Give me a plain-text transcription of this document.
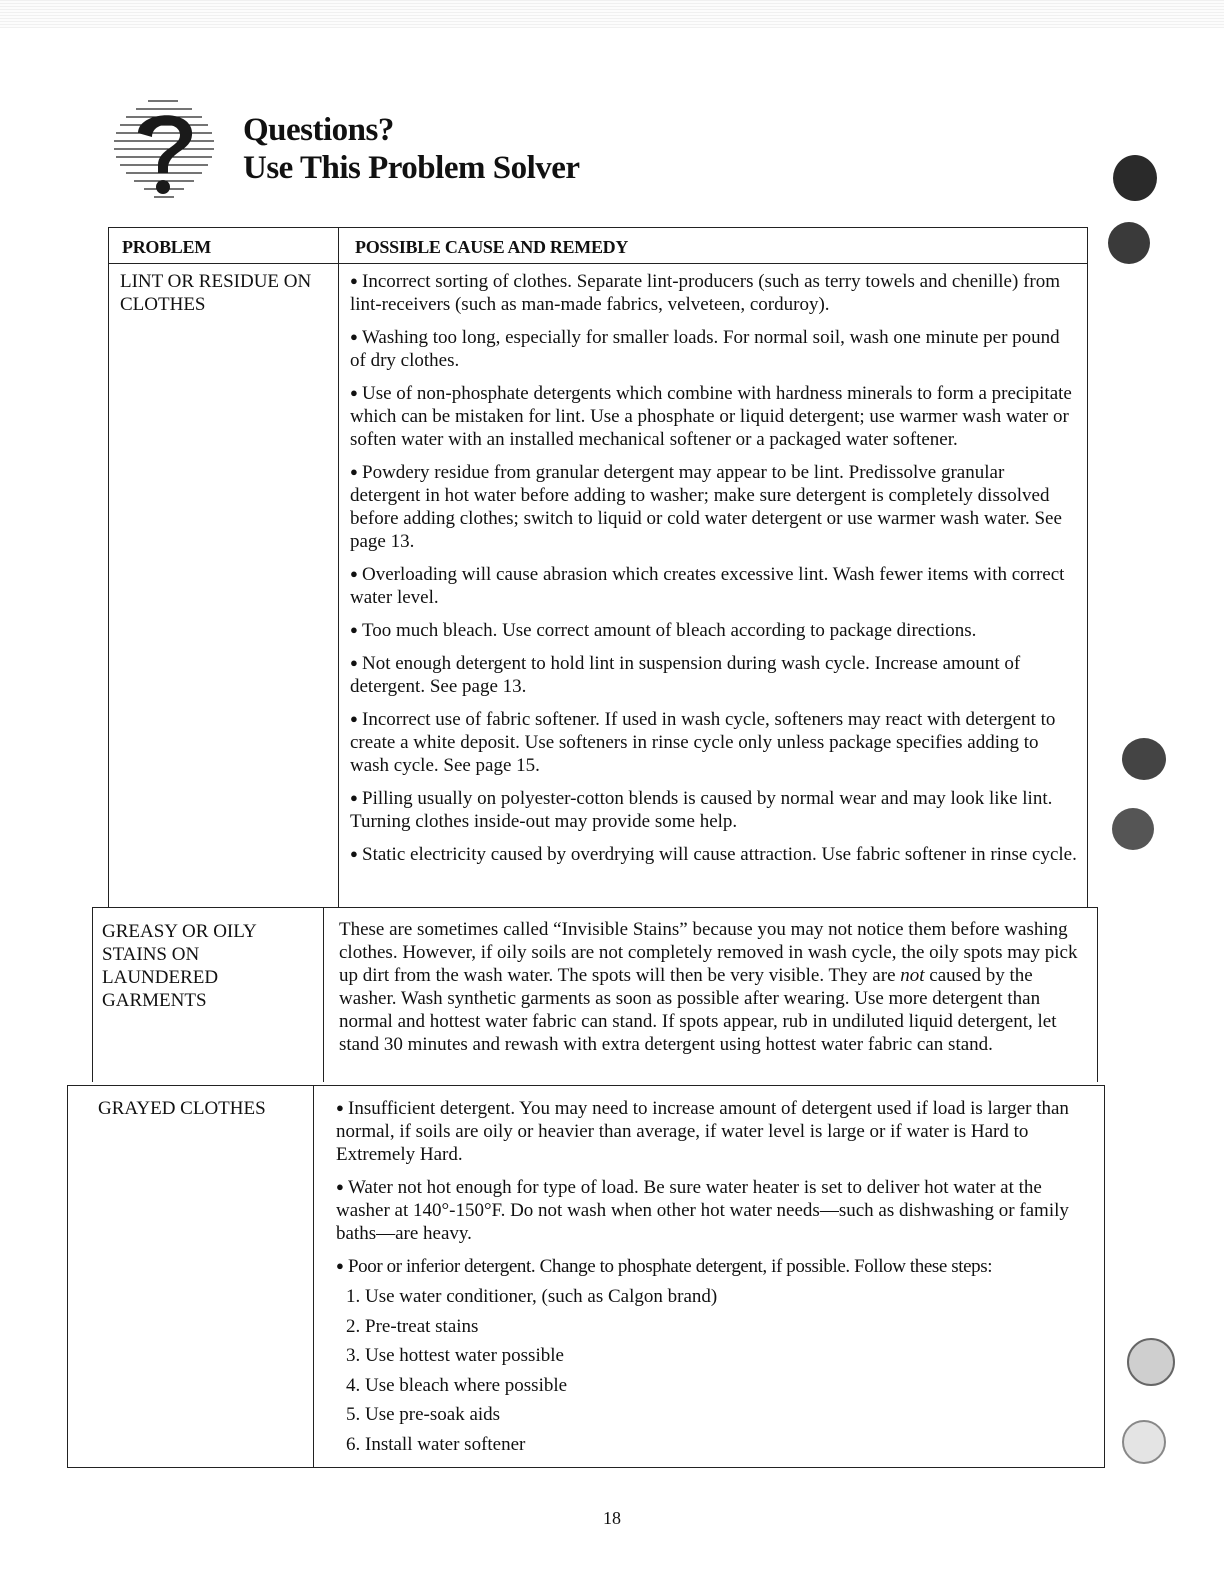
Questions?
Use This Problem Solver
PROBLEM	POSSIBLE CAUSE AND REMEDY
LINT OR RESIDUE ON CLOTHES

● Incorrect sorting of clothes. Separate lint-producers (such as terry towels and chenille) from lint-receivers (such as man-made fabrics, velveteen, corduroy).

● Washing too long, especially for smaller loads. For normal soil, wash one minute per pound of dry clothes.

● Use of non-phosphate detergents which combine with hardness minerals to form a precipitate which can be mistaken for lint. Use a phosphate or liquid detergent; use warmer wash water or soften water with an installed mechanical softener or a packaged water softener.

● Powdery residue from granular detergent may appear to be lint. Predissolve granular detergent in hot water before adding to washer; make sure detergent is completely dissolved before adding clothes; switch to liquid or cold water detergent or use warmer wash water. See page 13.

● Overloading will cause abrasion which creates excessive lint. Wash fewer items with correct water level.

● Too much bleach. Use correct amount of bleach according to package directions.

● Not enough detergent to hold lint in suspension during wash cycle. Increase amount of detergent. See page 13.

● Incorrect use of fabric softener. If used in wash cycle, softeners may react with detergent to create a white deposit. Use softeners in rinse cycle only unless package specifies adding to wash cycle. See page 15.

● Pilling usually on polyester-cotton blends is caused by normal wear and may look like lint. Turning clothes inside-out may provide some help.

● Static electricity caused by overdrying will cause attraction. Use fabric softener in rinse cycle.

GREASY OR OILY STAINS ON LAUNDERED GARMENTS
These are sometimes called “Invisible Stains” because you may not notice them before washing clothes. However, if oily soils are not completely removed in wash cycle, the oily spots may pick up dirt from the wash water. The spots will then be very visible. They are not caused by the washer. Wash synthetic garments as soon as possible after wearing. Use more detergent than normal and hottest water fabric can stand. If spots appear, rub in undiluted liquid detergent, let stand 30 minutes and rewash with extra detergent using hottest water fabric can stand.
GRAYED CLOTHES	● Insufficient detergent. You may need to increase amount of detergent used if load is larger than normal, if soils are oily or heavier than average, if water level is large or if water is Hard to Extremely Hard.

● Water not hot enough for type of load. Be sure water heater is set to deliver hot water at the washer at 140°-150°F. Do not wash when other hot water needs—such as dishwashing or family baths—are heavy.

● Poor or inferior detergent. Change to phosphate detergent, if possible. Follow these steps:

1. Use water conditioner, (such as Calgon brand)
2. Pre-treat stains
3. Use hottest water possible
4. Use bleach where possible
5. Use pre-soak aids
6. Install water softener
18
